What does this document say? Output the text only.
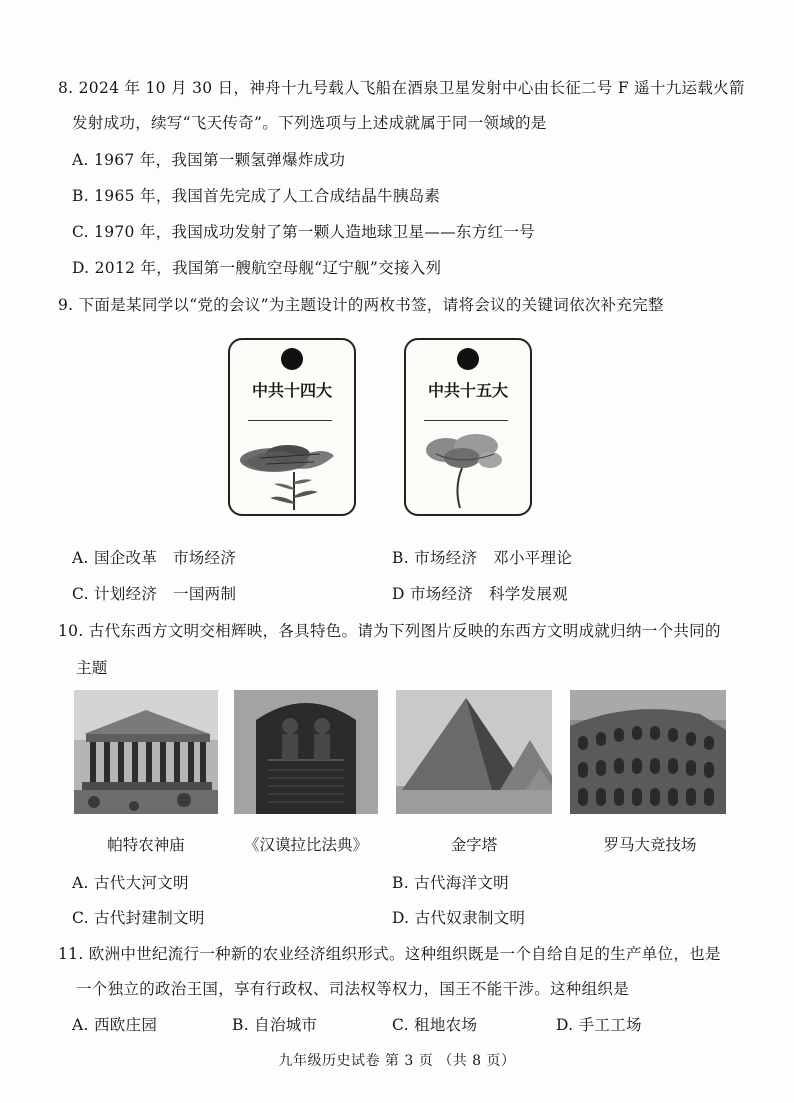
8. 2024 年 10 月 30 日，神舟十九号载人飞船在酒泉卫星发射中心由长征二号 F 遥十九运载火箭
发射成功，续写“飞天传奇”。下列选项与上述成就属于同一领域的是
A. 1967 年，我国第一颗氢弹爆炸成功
B. 1965 年，我国首先完成了人工合成结晶牛胰岛素
C. 1970 年，我国成功发射了第一颗人造地球卫星——东方红一号
D. 2012 年，我国第一艘航空母舰“辽宁舰”交接入列
9. 下面是某同学以“党的会议”为主题设计的两枚书签，请将会议的关键词依次补充完整
中共十四大	中共十五大
A. 国企改革　市场经济	B. 市场经济　邓小平理论
C. 计划经济　一国两制	D 市场经济　科学发展观
10. 古代东西方文明交相辉映，各具特色。请为下列图片反映的东西方文明成就归纳一个共同的
主题
帕特农神庙	《汉谟拉比法典》	金字塔	罗马大竞技场
A. 古代大河文明	B. 古代海洋文明
C. 古代封建制文明	D. 古代奴隶制文明
11. 欧洲中世纪流行一种新的农业经济组织形式。这种组织既是一个自给自足的生产单位，也是
一个独立的政治王国，享有行政权、司法权等权力，国王不能干涉。这种组织是
A. 西欧庄园	B. 自治城市	C. 租地农场	D. 手工工场
九年级历史试卷 第 3 页 （共 8 页）
